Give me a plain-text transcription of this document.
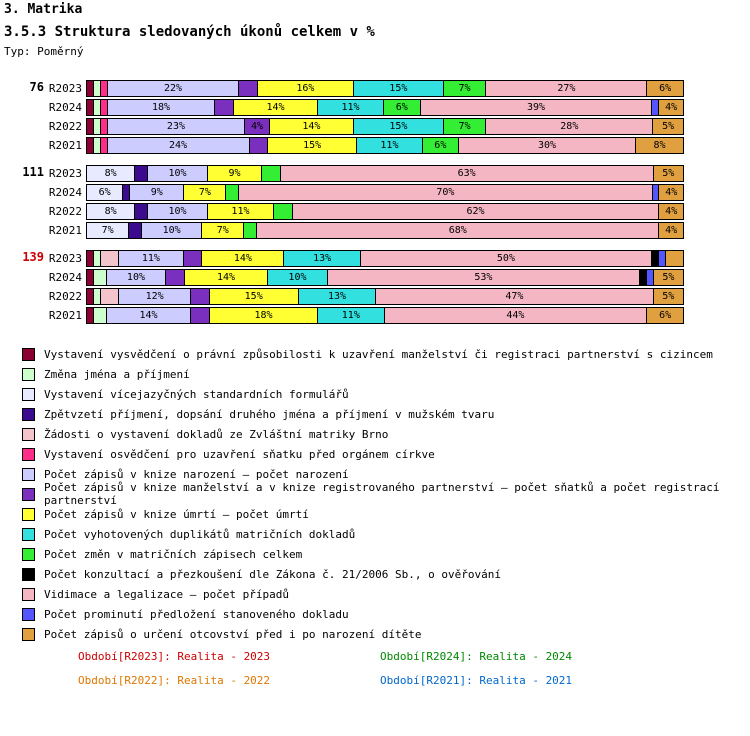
3. Matrika
3.5.3 Struktura sledovaných úkonů celkem v %
Typ: Poměrný
76 R2023	22%	16%	15%	7%	27%	6%
R2024	18%	14%	11%	6%	39%	4%
R2022	23%	4%	14%	15%	7%	28%	5%
R2021	24%	15%	11%	6%	30%	8%
111 R2023	8%	10%	9%	63%	5%
R2024	6%	9%	7%	70%	4%
R2022	8%	10%	11%	62%	4%
R2021	7%	10%	7%	68%	4%
139 R2023	11%	14%	13%	50%
R2024	10%	14%	10%	53%	5%
R2022	12%	15%	13%	47%	5%
R2021	14%	18%	11%	44%	6%
Vystavení vysvědčení o právní způsobilosti k uzavření manželství či registraci partnerství s cizincem
Změna jména a příjmení
Vystavení vícejazyčných standardních formulářů
Zpětvzetí příjmení, dopsání druhého jména a příjmení v mužském tvaru
Žádosti o vystavení dokladů ze Zvláštní matriky Brno
Vystavení osvědčení pro uzavření sňatku před orgánem církve
Počet zápisů v knize narození – počet narození
Počet zápisů v knize manželství a v knize registrovaného partnerství – počet sňatků a počet registrací partnerství
Počet zápisů v knize úmrtí – počet úmrtí
Počet vyhotovených duplikátů matričních dokladů
Počet změn v matričních zápisech celkem
Počet konzultací a přezkoušení dle Zákona č. 21/2006 Sb., o ověřování
Vidimace a legalizace – počet případů
Počet prominutí předložení stanoveného dokladu
Počet zápisů o určení otcovství před i po narození dítěte
Období[R2023]: Realita - 2023	Období[R2024]: Realita - 2024
Období[R2022]: Realita - 2022	Období[R2021]: Realita - 2021
